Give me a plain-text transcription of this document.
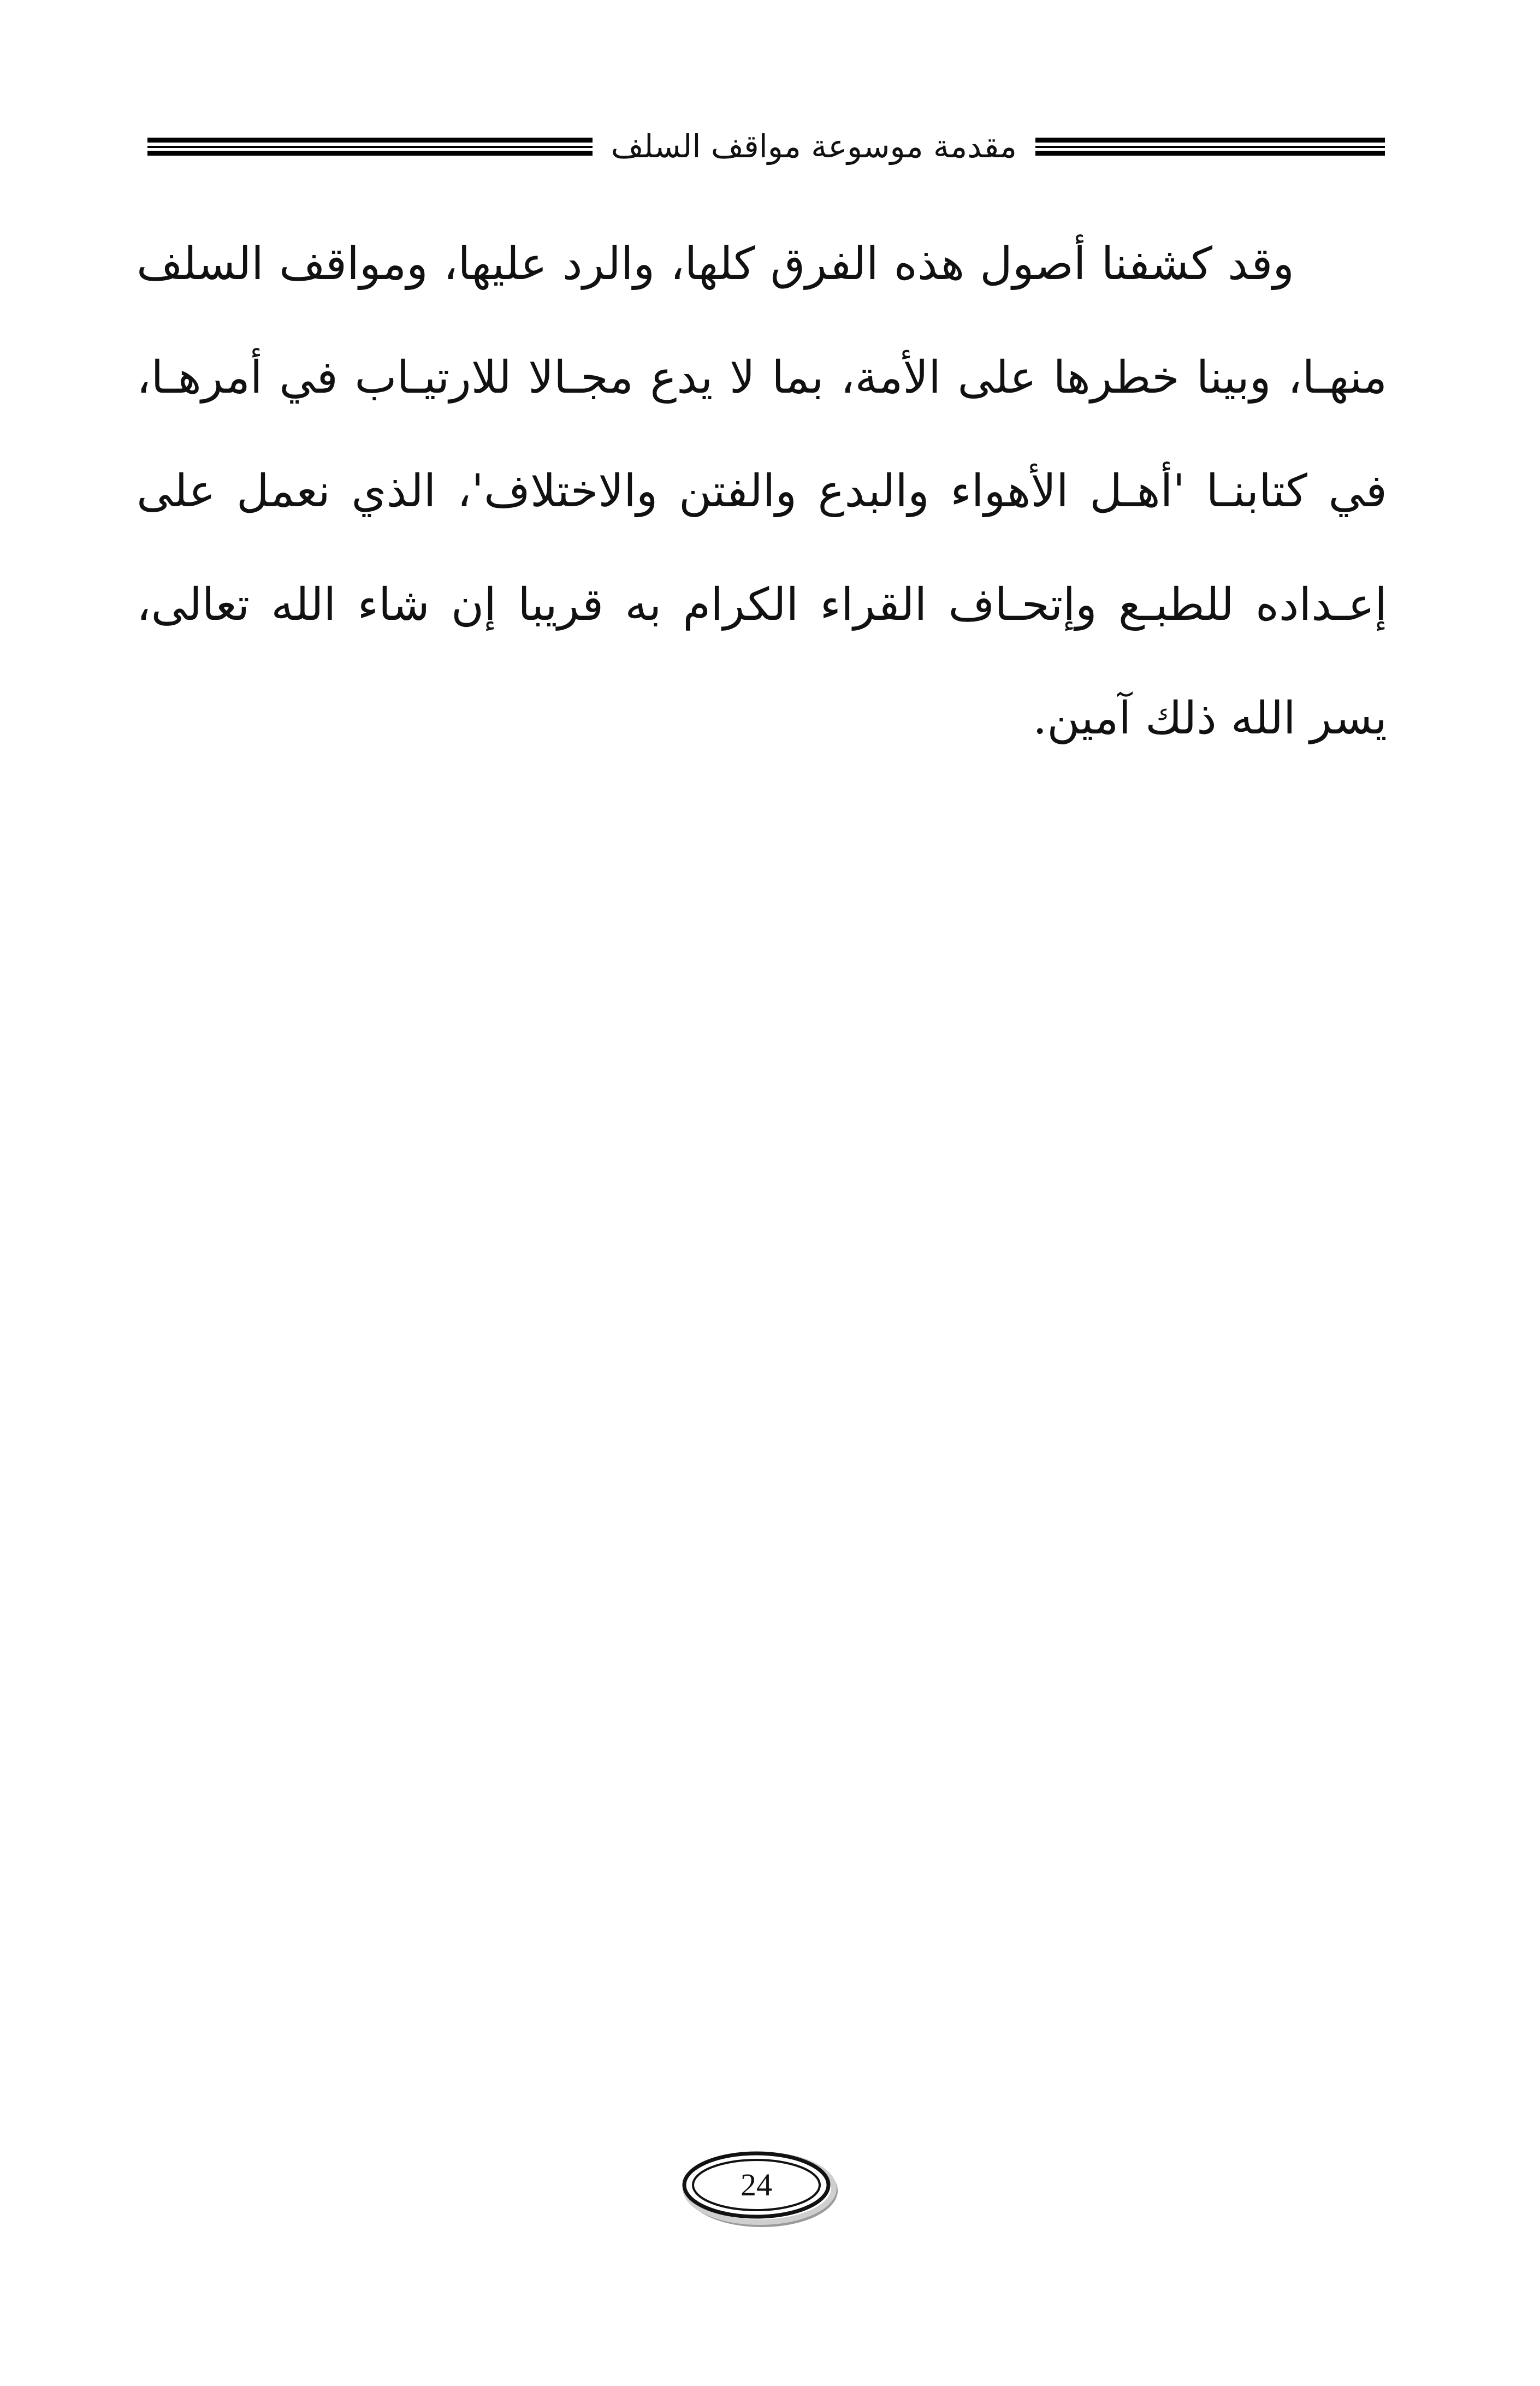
مقدمة موسوعة مواقف السلف

وقد كشفنا أصول هذه الفرق كلها، والرد عليها، ومواقف السلف منهـا، وبينا خطرها على الأمة، بما لا يدع مجـالا للارتيـاب في أمرهـا، في كتابنـا 'أهـل الأهواء والبدع والفتن والاختلاف'، الذي نعمل على إعـداده للطبـع وإتحـاف القراء الكرام به قريبا إن شاء الله تعالى، يسر الله ذلك آمين.

24
